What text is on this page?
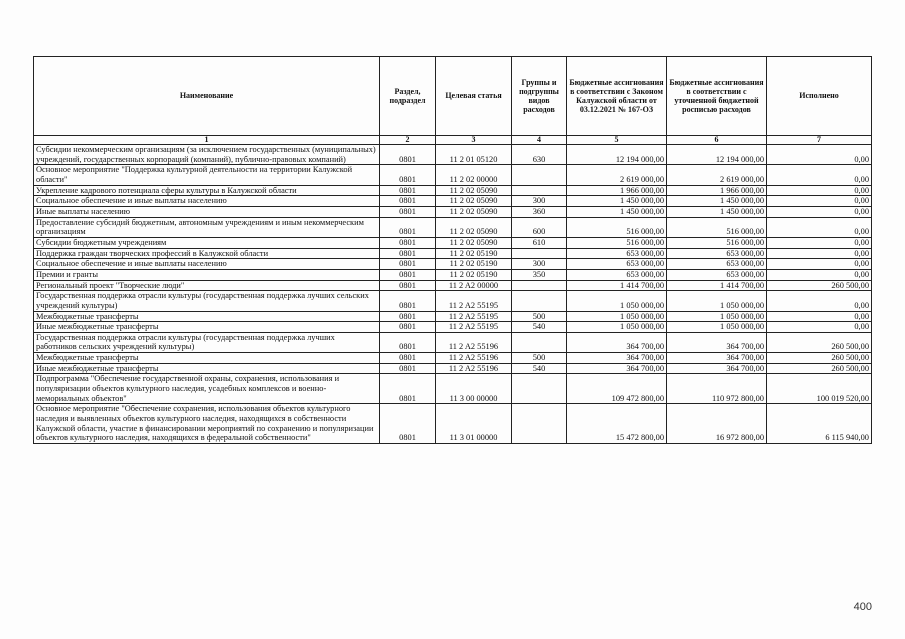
Наименование	Раздел, подраздел	Целевая статья	Группы и подгруппы видов расходов	Бюджетные ассигнования в соответствии с Законом Калужской области от 03.12.2021 № 167-ОЗ	Бюджетные ассигнования в соответствии с уточненной бюджетной росписью расходов	Исполнено
1	2	3	4	5	6	7
Субсидии некоммерческим организациям (за исключением государственных (муниципальных) учреждений, государственных корпораций (компаний), публично-правовых компаний)	0801	11 2 01 05120	630	12 194 000,00	12 194 000,00	0,00
Основное мероприятие "Поддержка культурной деятельности на территории Калужской области"	0801	11 2 02 00000		2 619 000,00	2 619 000,00	0,00
Укрепление кадрового потенциала сферы культуры в Калужской области	0801	11 2 02 05090		1 966 000,00	1 966 000,00	0,00
Социальное обеспечение и иные выплаты населению	0801	11 2 02 05090	300	1 450 000,00	1 450 000,00	0,00
Иные выплаты населению	0801	11 2 02 05090	360	1 450 000,00	1 450 000,00	0,00
Предоставление субсидий бюджетным, автономным учреждениям и иным некоммерческим организациям	0801	11 2 02 05090	600	516 000,00	516 000,00	0,00
Субсидии бюджетным учреждениям	0801	11 2 02 05090	610	516 000,00	516 000,00	0,00
Поддержка граждан творческих профессий в Калужской области	0801	11 2 02 05190		653 000,00	653 000,00	0,00
Социальное обеспечение и иные выплаты населению	0801	11 2 02 05190	300	653 000,00	653 000,00	0,00
Премии и гранты	0801	11 2 02 05190	350	653 000,00	653 000,00	0,00
Региональный проект "Творческие люди"	0801	11 2 A2 00000		1 414 700,00	1 414 700,00	260 500,00
Государственная поддержка отрасли культуры (государственная поддержка лучших сельских учреждений культуры)	0801	11 2 A2 55195		1 050 000,00	1 050 000,00	0,00
Межбюджетные трансферты	0801	11 2 A2 55195	500	1 050 000,00	1 050 000,00	0,00
Иные межбюджетные трансферты	0801	11 2 A2 55195	540	1 050 000,00	1 050 000,00	0,00
Государственная поддержка отрасли культуры (государственная поддержка лучших работников сельских учреждений культуры)	0801	11 2 A2 55196		364 700,00	364 700,00	260 500,00
Межбюджетные трансферты	0801	11 2 A2 55196	500	364 700,00	364 700,00	260 500,00
Иные межбюджетные трансферты	0801	11 2 A2 55196	540	364 700,00	364 700,00	260 500,00
Подпрограмма "Обеспечение государственной охраны, сохранения, использования и популяризации объектов культурного наследия, усадебных комплексов и военно-мемориальных объектов"	0801	11 3 00 00000		109 472 800,00	110 972 800,00	100 019 520,00
Основное мероприятие "Обеспечение сохранения, использования объектов культурного наследия и выявленных объектов культурного наследия, находящихся в собственности Калужской области, участие в финансировании мероприятий по сохранению и популяризации объектов культурного наследия, находящихся в федеральной собственности"	0801	11 3 01 00000		15 472 800,00	16 972 800,00	6 115 940,00
400
